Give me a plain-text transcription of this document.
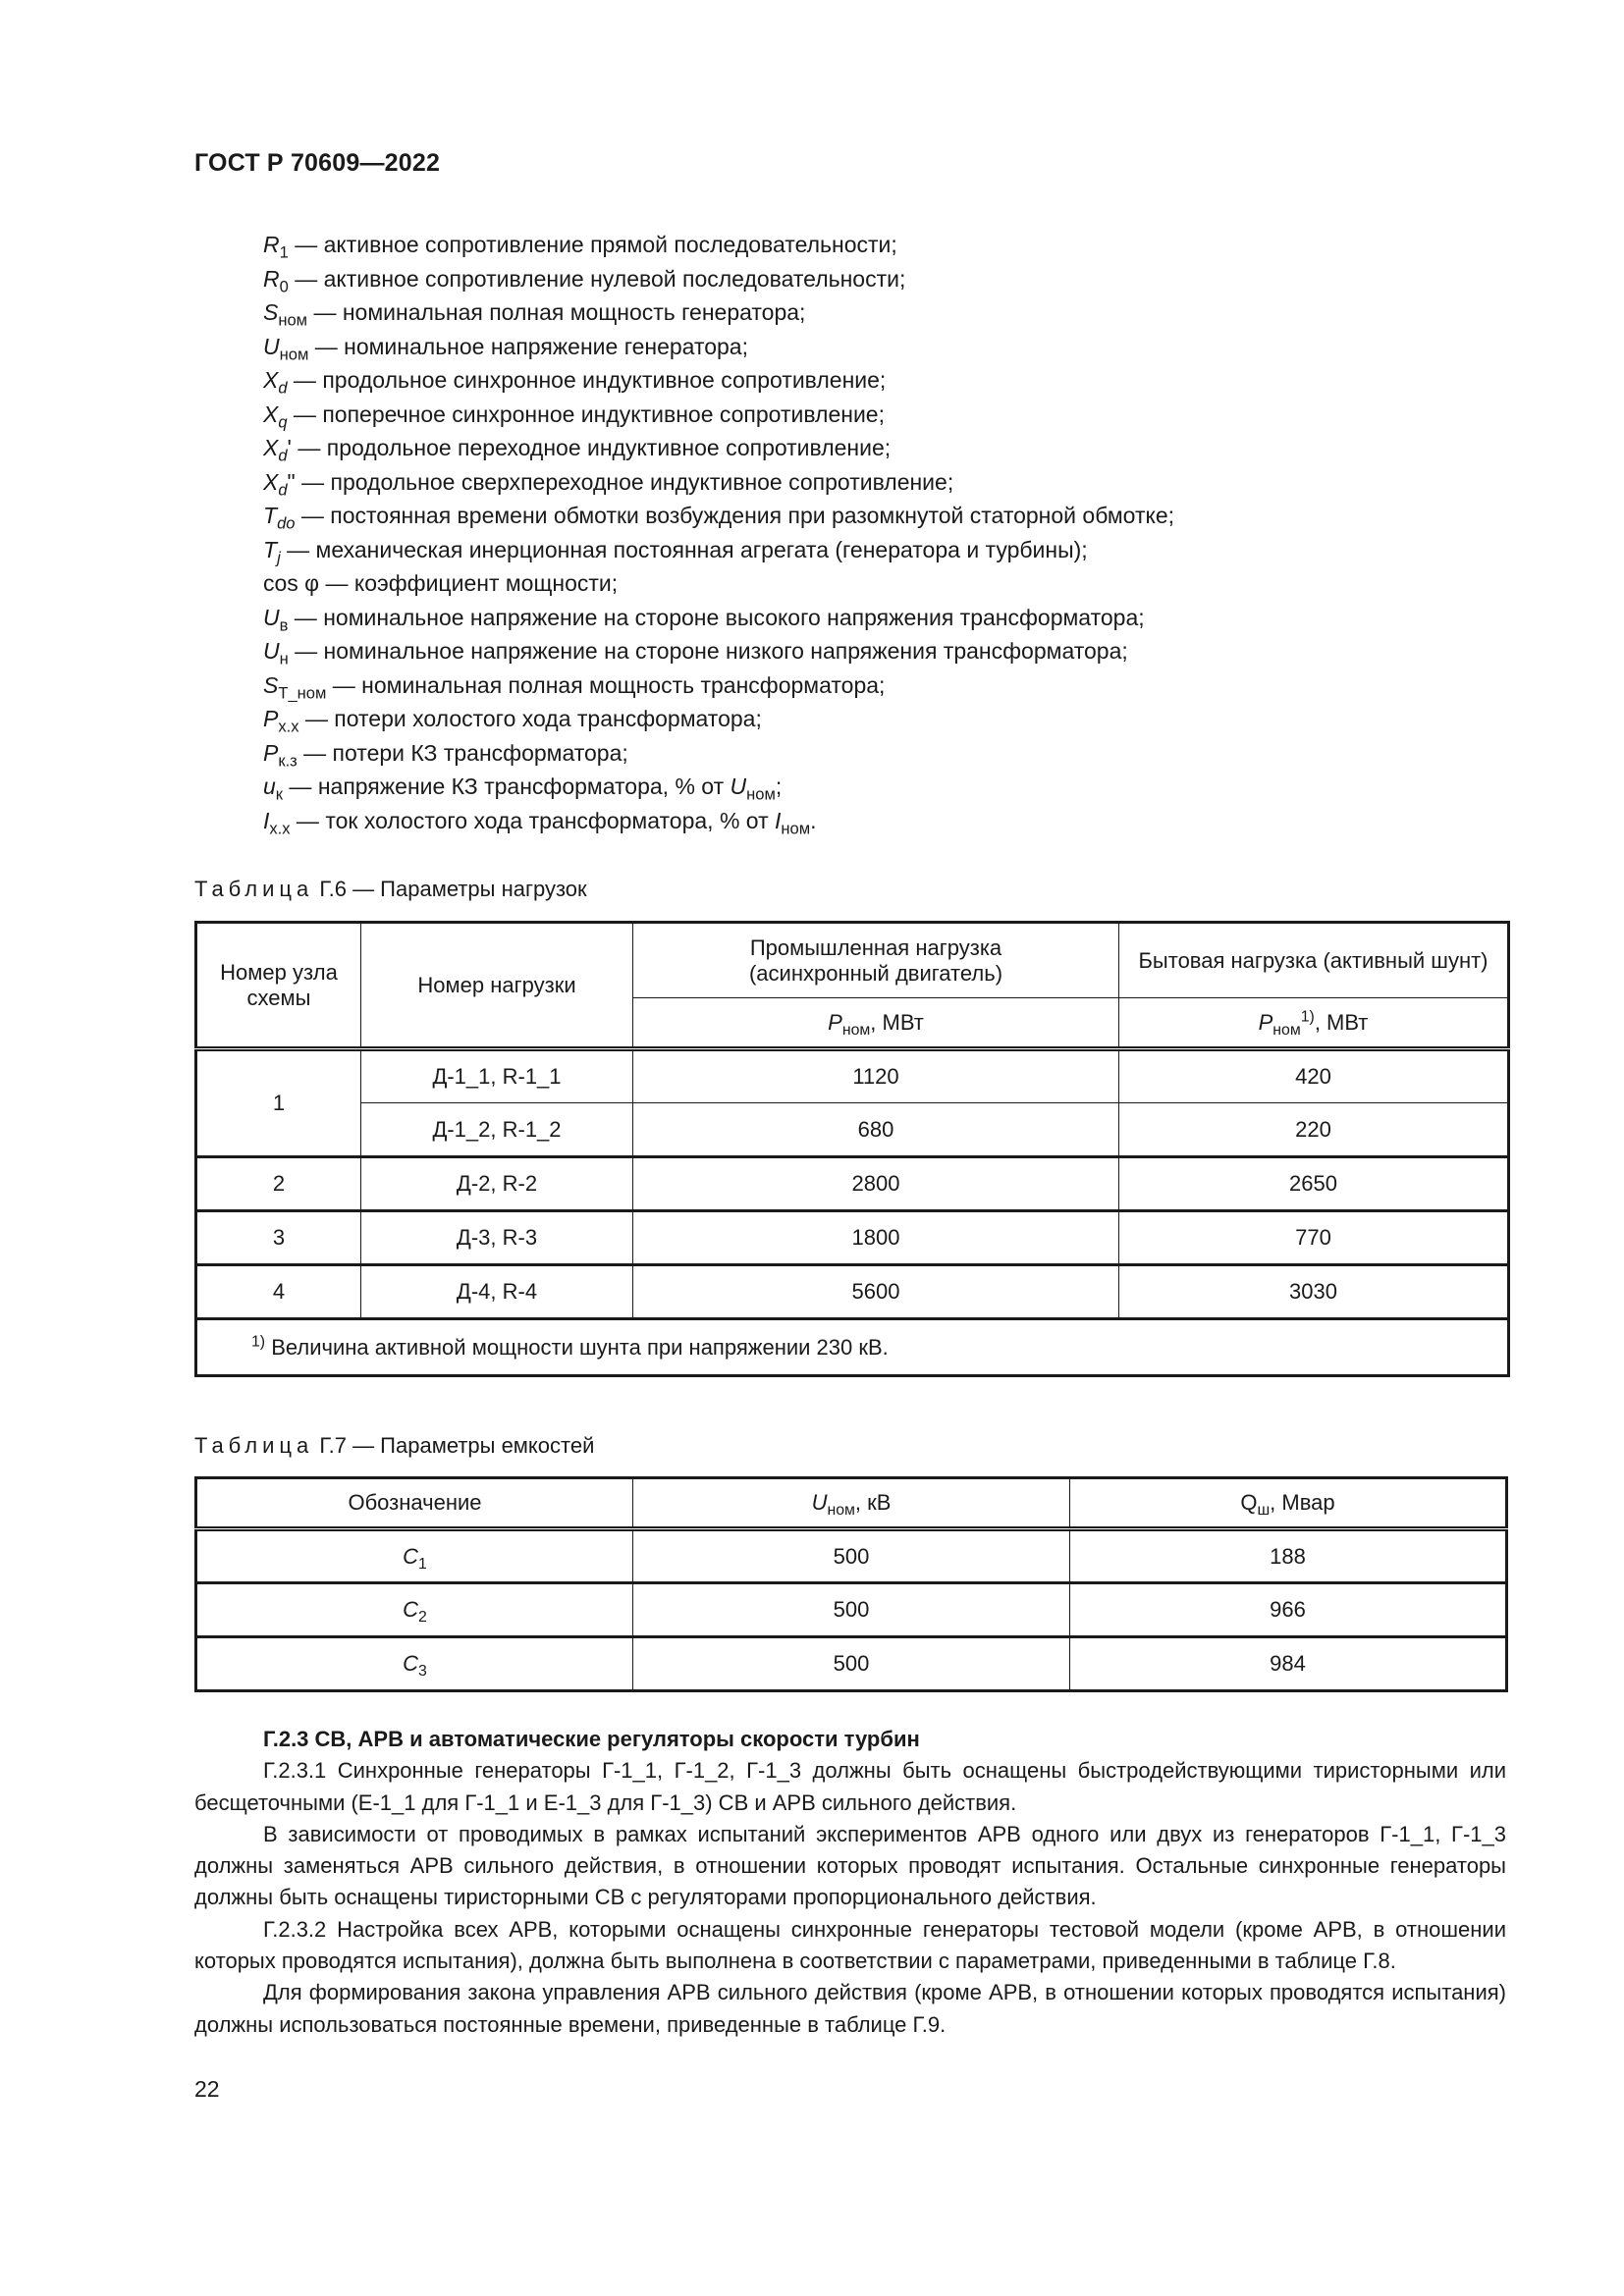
ГОСТ Р 70609—2022
$R_1$ — активное сопротивление прямой последовательности;
$R_0$ — активное сопротивление нулевой последовательности;
$S_{ном}$ — номинальная полная мощность генератора;
$U_{ном}$ — номинальное напряжение генератора;
$X_d$ — продольное синхронное индуктивное сопротивление;
$X_q$ — поперечное синхронное индуктивное сопротивление;
$X_d'$ — продольное переходное индуктивное сопротивление;
$X_d$" — продольное сверхпереходное индуктивное сопротивление;
$T_{do}$ — постоянная времени обмотки возбуждения при разомкнутой статорной обмотке;
$T_j$ — механическая инерционная постоянная агрегата (генератора и турбины);
cos φ — коэффициент мощности;
$U_в$ — номинальное напряжение на стороне высокого напряжения трансформатора;
$U_н$ — номинальное напряжение на стороне низкого напряжения трансформатора;
$S_{Т\_ном}$ — номинальная полная мощность трансформатора;
$P_{х.х}$ — потери холостого хода трансформатора;
$P_{к.з}$ — потери КЗ трансформатора;
$u_к$ — напряжение КЗ трансформатора, % от $U_{ном}$;
$I_{х.х}$ — ток холостого хода трансформатора, % от $I_{ном}$.
Таблица Г.6 — Параметры нагрузок
Номер узла схемы	Номер нагрузки	Промышленная нагрузка (асинхронный двигатель)	Бытовая нагрузка (активный шунт)
		$P_{ном}$, МВт	$P_{ном}^{1)}$, МВт
1	Д-1_1, R-1_1	1120	420
	Д-1_2, R-1_2	680	220
2	Д-2, R-2	2800	2650
3	Д-3, R-3	1800	770
4	Д-4, R-4	5600	3030
$^{1)}$ Величина активной мощности шунта при напряжении 230 кВ.			
Таблица Г.7 — Параметры емкостей
Обозначение	$U_{ном}$, кВ	$Q_ш$, Мвар
$C_1$	500	188
$C_2$	500	966
$C_3$	500	984

Г.2.3 СВ, АРВ и автоматические регуляторы скорости турбин

Г.2.3.1 Синхронные генераторы Г-1_1, Г-1_2, Г-1_3 должны быть оснащены быстродействующими тиристорными или бесщеточными (Е-1_1 для Г-1_1 и Е-1_3 для Г-1_3) СВ и АРВ сильного действия.

В зависимости от проводимых в рамках испытаний экспериментов АРВ одного или двух из генераторов Г-1_1, Г-1_3 должны заменяться АРВ сильного действия, в отношении которых проводят испытания. Остальные синхронные генераторы должны быть оснащены тиристорными СВ с регуляторами пропорционального действия.

Г.2.3.2 Настройка всех АРВ, которыми оснащены синхронные генераторы тестовой модели (кроме АРВ, в отношении которых проводятся испытания), должна быть выполнена в соответствии с параметрами, приведенными в таблице Г.8.

Для формирования закона управления АРВ сильного действия (кроме АРВ, в отношении которых проводятся испытания) должны использоваться постоянные времени, приведенные в таблице Г.9.

22
